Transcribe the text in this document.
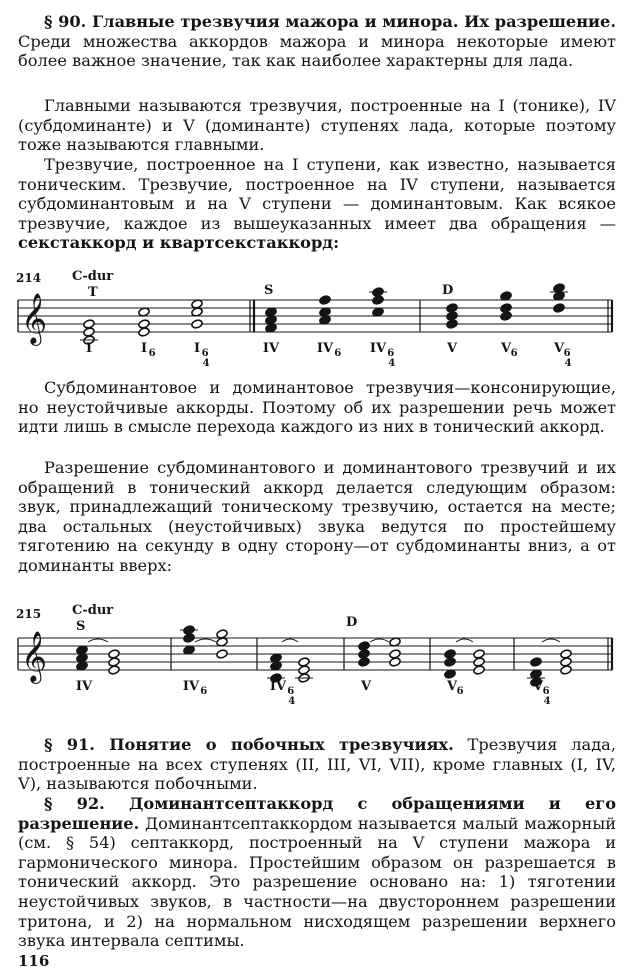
§ 90. Главные трезвучия мажора и минора. Их разрешение. Среди множества аккордов мажора и минора некоторые имеют более важное значение, так как наиболее характерны для лада.

Главными называются трезвучия, построенные на I (тонике), IV (субдоминанте) и V (доминанте) ступенях лада, которые поэтому тоже называются главными.

Трезвучие, построенное на I ступени, как известно, называется тоническим. Трезвучие, построенное на IV ступени, называется субдоминантовым и на V ступени — доминантовым. Как всякое трезвучие, каждое из вышеуказанных имеет два обращения — секстаккорд и квартсекстаккорд:

214 C-dur
𝄞
T	S	D
I	I 6	I 6
4
IV	IV 6 IV 6
4
V	V 6	V 6
4

Субдоминантовое и доминантовое трезвучия—консонирующие, но неустойчивые аккорды. Поэтому об их разрешении речь может идти лишь в смысле перехода каждого из них в тонический аккорд.

Разрешение субдоминантового и доминантового трезвучий и их обращений в тонический аккорд делается следующим образом: звук, принадлежащий тоническому трезвучию, остается на месте; два остальных (неустойчивых) звука ведутся по простейшему тяготению на секунду в одну сторону—от субдоминанты вниз, а от доминанты вверх:

215 C-dur
𝄞
S	D
IV	IV 6	IV 6
4
V	V 6	V 6
4

§ 91. Понятие о побочных трезвучиях. Трезвучия лада, построенные на всех ступенях (II, III, VI, VII), кроме главных (I, IV, V), называются побочными.

§ 92. Доминантсептаккорд с обращениями и его разрешение. Доминантсептаккордом называется малый мажорный (см. § 54) септаккорд, построенный на V ступени мажора и гармонического минора. Простейшим образом он разрешается в тонический аккорд. Это разрешение основано на: 1) тяготении неустойчивых звуков, в частности—на двустороннем разрешении тритона, и 2) на нормальном нисходящем разрешении верхнего звука интервала септимы.

116
